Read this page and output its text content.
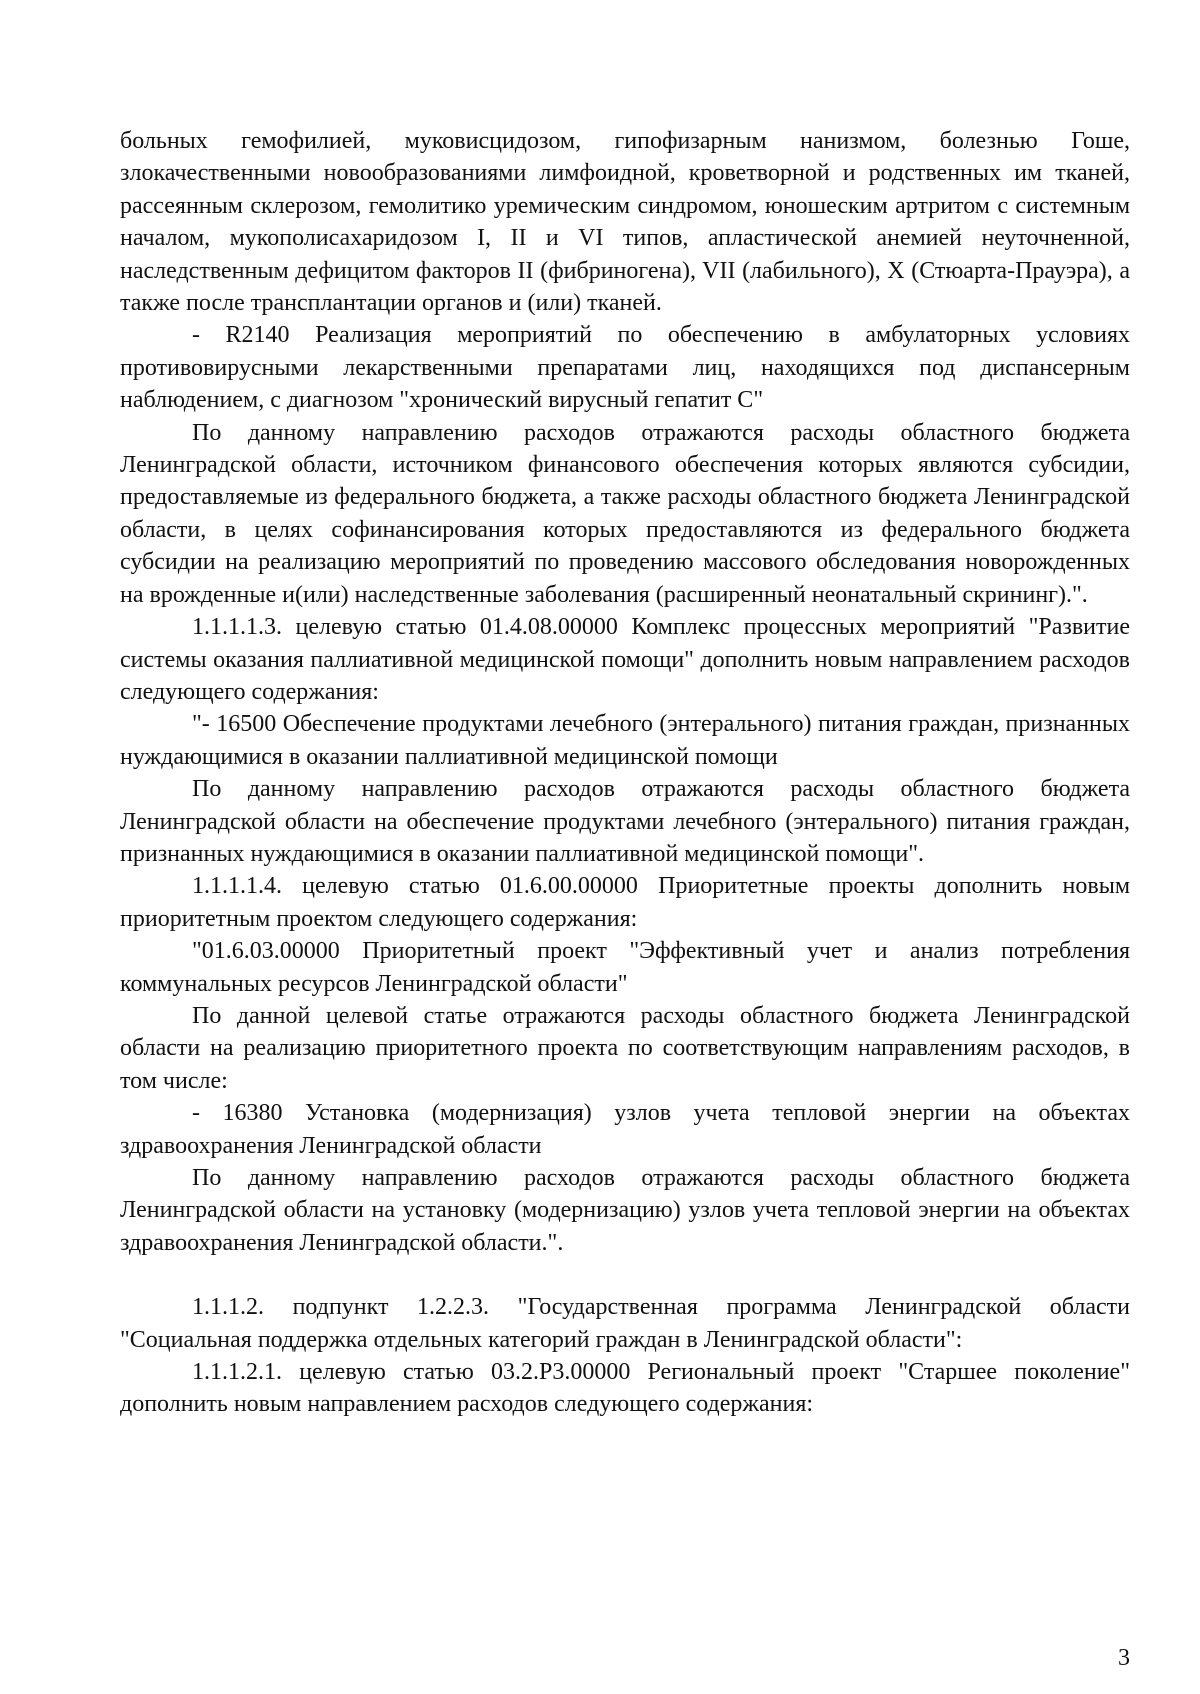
больных гемофилией, муковисцидозом, гипофизарным нанизмом, болезнью Гоше, злокачественными новообразованиями лимфоидной, кроветворной и родственных им тканей, рассеянным склерозом, гемолитико уремическим синдромом, юношеским артритом с системным началом, мукополисахаридозом I, II и VI типов, апластической анемией неуточненной, наследственным дефицитом факторов II (фибриногена), VII (лабильного), X (Стюарта-Прауэра), а также после трансплантации органов и (или) тканей.

- R2140 Реализация мероприятий по обеспечению в амбулаторных условиях противовирусными лекарственными препаратами лиц, находящихся под диспансерным наблюдением, с диагнозом "хронический вирусный гепатит С"

По данному направлению расходов отражаются расходы областного бюджета Ленинградской области, источником финансового обеспечения которых являются субсидии, предоставляемые из федерального бюджета, а также расходы областного бюджета Ленинградской области, в целях софинансирования которых предоставляются из федерального бюджета субсидии на реализацию мероприятий по проведению массового обследования новорожденных на врожденные и(или) наследственные заболевания (расширенный неонатальный скрининг).".

1.1.1.1.3. целевую статью 01.4.08.00000 Комплекс процессных мероприятий "Развитие системы оказания паллиативной медицинской помощи" дополнить новым направлением расходов следующего содержания:

"- 16500 Обеспечение продуктами лечебного (энтерального) питания граждан, признанных нуждающимися в оказании паллиативной медицинской помощи

По данному направлению расходов отражаются расходы областного бюджета Ленинградской области на обеспечение продуктами лечебного (энтерального) питания граждан, признанных нуждающимися в оказании паллиативной медицинской помощи".

1.1.1.1.4. целевую статью 01.6.00.00000 Приоритетные проекты дополнить новым приоритетным проектом следующего содержания:

"01.6.03.00000 Приоритетный проект "Эффективный учет и анализ потребления коммунальных ресурсов Ленинградской области"

По данной целевой статье отражаются расходы областного бюджета Ленинградской области на реализацию приоритетного проекта по соответствующим направлениям расходов, в том числе:

- 16380 Установка (модернизация) узлов учета тепловой энергии на объектах здравоохранения Ленинградской области

По данному направлению расходов отражаются расходы областного бюджета Ленинградской области на установку (модернизацию) узлов учета тепловой энергии на объектах здравоохранения Ленинградской области.".

1.1.1.2. подпункт 1.2.2.3. "Государственная программа Ленинградской области "Социальная поддержка отдельных категорий граждан в Ленинградской области":

1.1.1.2.1. целевую статью 03.2.Р3.00000 Региональный проект "Старшее поколение" дополнить новым направлением расходов следующего содержания:

3
